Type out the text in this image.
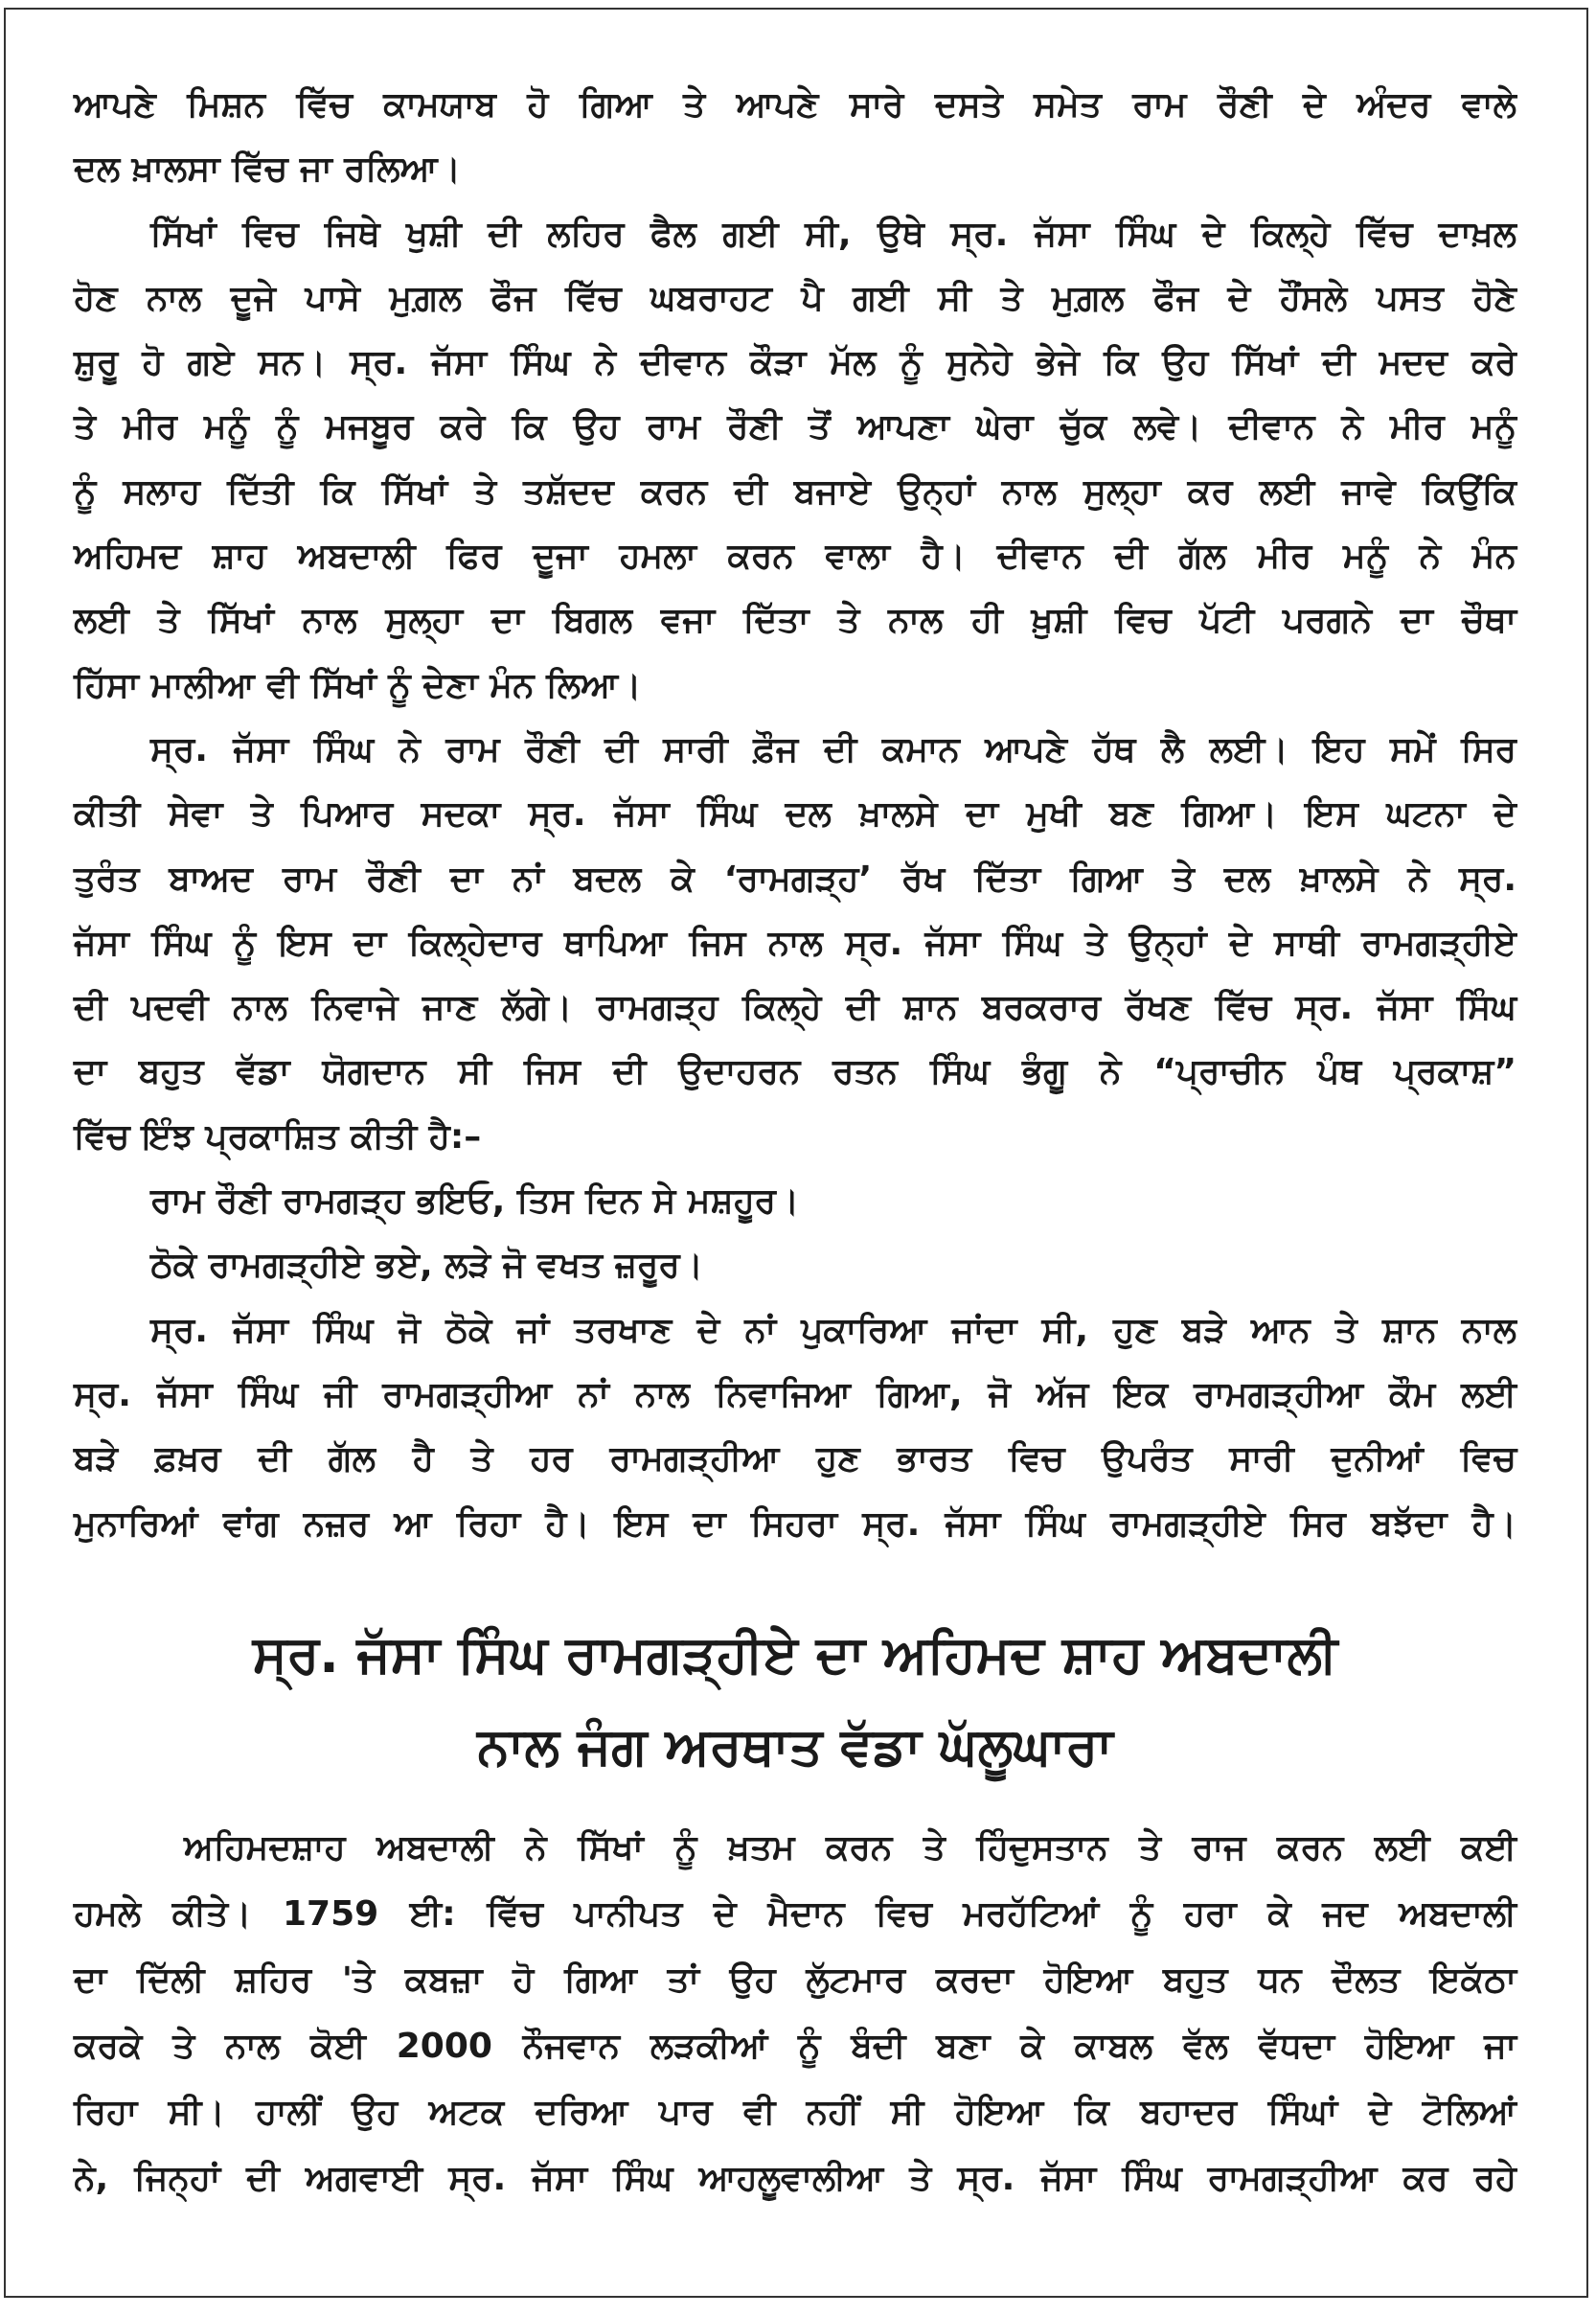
ਆਪਣੇ ਮਿਸ਼ਨ ਵਿੱਚ ਕਾਮਯਾਬ ਹੋ ਗਿਆ ਤੇ ਆਪਣੇ ਸਾਰੇ ਦਸਤੇ ਸਮੇਤ ਰਾਮ ਰੌਣੀ ਦੇ ਅੰਦਰ ਵਾਲੇ
ਦਲ ਖ਼ਾਲਸਾ ਵਿੱਚ ਜਾ ਰਲਿਆ।
ਸਿੱਖਾਂ ਵਿਚ ਜਿਥੇ ਖੁਸ਼ੀ ਦੀ ਲਹਿਰ ਫੈਲ ਗਈ ਸੀ, ਉਥੇ ਸ੍ਰ. ਜੱਸਾ ਸਿੰਘ ਦੇ ਕਿਲ੍ਹੇ ਵਿੱਚ ਦਾਖ਼ਲ
ਹੋਣ ਨਾਲ ਦੂਜੇ ਪਾਸੇ ਮੁਗ਼ਲ ਫੌਜ ਵਿੱਚ ਘਬਰਾਹਟ ਪੈ ਗਈ ਸੀ ਤੇ ਮੁਗ਼ਲ ਫੌਜ ਦੇ ਹੌਂਸਲੇ ਪਸਤ ਹੋਣੇ
ਸ਼ੁਰੂ ਹੋ ਗਏ ਸਨ। ਸ੍ਰ. ਜੱਸਾ ਸਿੰਘ ਨੇ ਦੀਵਾਨ ਕੌੜਾ ਮੱਲ ਨੂੰ ਸੁਨੇਹੇ ਭੇਜੇ ਕਿ ਉਹ ਸਿੱਖਾਂ ਦੀ ਮਦਦ ਕਰੇ
ਤੇ ਮੀਰ ਮਨੂੰ ਨੂੰ ਮਜਬੂਰ ਕਰੇ ਕਿ ਉਹ ਰਾਮ ਰੌਣੀ ਤੋਂ ਆਪਣਾ ਘੇਰਾ ਚੁੱਕ ਲਵੇ। ਦੀਵਾਨ ਨੇ ਮੀਰ ਮਨੂੰ
ਨੂੰ ਸਲਾਹ ਦਿੱਤੀ ਕਿ ਸਿੱਖਾਂ ਤੇ ਤਸ਼ੱਦਦ ਕਰਨ ਦੀ ਬਜਾਏ ਉਨ੍ਹਾਂ ਨਾਲ ਸੁਲ੍ਹਾ ਕਰ ਲਈ ਜਾਵੇ ਕਿਉਂਕਿ
ਅਹਿਮਦ ਸ਼ਾਹ ਅਬਦਾਲੀ ਫਿਰ ਦੂਜਾ ਹਮਲਾ ਕਰਨ ਵਾਲਾ ਹੈ। ਦੀਵਾਨ ਦੀ ਗੱਲ ਮੀਰ ਮਨੂੰ ਨੇ ਮੰਨ
ਲਈ ਤੇ ਸਿੱਖਾਂ ਨਾਲ ਸੁਲ੍ਹਾ ਦਾ ਬਿਗਲ ਵਜਾ ਦਿੱਤਾ ਤੇ ਨਾਲ ਹੀ ਖ਼ੁਸ਼ੀ ਵਿਚ ਪੱਟੀ ਪਰਗਨੇ ਦਾ ਚੌਥਾ
ਹਿੱਸਾ ਮਾਲੀਆ ਵੀ ਸਿੱਖਾਂ ਨੂੰ ਦੇਣਾ ਮੰਨ ਲਿਆ।
ਸ੍ਰ. ਜੱਸਾ ਸਿੰਘ ਨੇ ਰਾਮ ਰੌਣੀ ਦੀ ਸਾਰੀ ਫ਼ੌਜ ਦੀ ਕਮਾਨ ਆਪਣੇ ਹੱਥ ਲੈ ਲਈ। ਇਹ ਸਮੇਂ ਸਿਰ
ਕੀਤੀ ਸੇਵਾ ਤੇ ਪਿਆਰ ਸਦਕਾ ਸ੍ਰ. ਜੱਸਾ ਸਿੰਘ ਦਲ ਖ਼ਾਲਸੇ ਦਾ ਮੁਖੀ ਬਣ ਗਿਆ। ਇਸ ਘਟਨਾ ਦੇ
ਤੁਰੰਤ ਬਾਅਦ ਰਾਮ ਰੌਣੀ ਦਾ ਨਾਂ ਬਦਲ ਕੇ ‘ਰਾਮਗੜ੍ਹ’ ਰੱਖ ਦਿੱਤਾ ਗਿਆ ਤੇ ਦਲ ਖ਼ਾਲਸੇ ਨੇ ਸ੍ਰ.
ਜੱਸਾ ਸਿੰਘ ਨੂੰ ਇਸ ਦਾ ਕਿਲ੍ਹੇਦਾਰ ਥਾਪਿਆ ਜਿਸ ਨਾਲ ਸ੍ਰ. ਜੱਸਾ ਸਿੰਘ ਤੇ ਉਨ੍ਹਾਂ ਦੇ ਸਾਥੀ ਰਾਮਗੜ੍ਹੀਏ
ਦੀ ਪਦਵੀ ਨਾਲ ਨਿਵਾਜੇ ਜਾਣ ਲੱਗੇ। ਰਾਮਗੜ੍ਹ ਕਿਲ੍ਹੇ ਦੀ ਸ਼ਾਨ ਬਰਕਰਾਰ ਰੱਖਣ ਵਿੱਚ ਸ੍ਰ. ਜੱਸਾ ਸਿੰਘ
ਦਾ ਬਹੁਤ ਵੱਡਾ ਯੋਗਦਾਨ ਸੀ ਜਿਸ ਦੀ ਉਦਾਹਰਨ ਰਤਨ ਸਿੰਘ ਭੰਗੂ ਨੇ “ਪ੍ਰਾਚੀਨ ਪੰਥ ਪ੍ਰਕਾਸ਼”
ਵਿੱਚ ਇੰਝ ਪ੍ਰਕਾਸ਼ਿਤ ਕੀਤੀ ਹੈ:–
ਰਾਮ ਰੌਣੀ ਰਾਮਗੜ੍ਹ ਭਇਓ, ਤਿਸ ਦਿਨ ਸੇ ਮਸ਼ਹੂਰ।
ਠੋਕੇ ਰਾਮਗੜ੍ਹੀਏ ਭਏ, ਲੜੇ ਜੋ ਵਖਤ ਜ਼ਰੂਰ।
ਸ੍ਰ. ਜੱਸਾ ਸਿੰਘ ਜੋ ਠੋਕੇ ਜਾਂ ਤਰਖਾਣ ਦੇ ਨਾਂ ਪੁਕਾਰਿਆ ਜਾਂਦਾ ਸੀ, ਹੁਣ ਬੜੇ ਆਨ ਤੇ ਸ਼ਾਨ ਨਾਲ
ਸ੍ਰ. ਜੱਸਾ ਸਿੰਘ ਜੀ ਰਾਮਗੜ੍ਹੀਆ ਨਾਂ ਨਾਲ ਨਿਵਾਜਿਆ ਗਿਆ, ਜੋ ਅੱਜ ਇਕ ਰਾਮਗੜ੍ਹੀਆ ਕੌਮ ਲਈ
ਬੜੇ ਫ਼ਖ਼ਰ ਦੀ ਗੱਲ ਹੈ ਤੇ ਹਰ ਰਾਮਗੜ੍ਹੀਆ ਹੁਣ ਭਾਰਤ ਵਿਚ ਉਪਰੰਤ ਸਾਰੀ ਦੁਨੀਆਂ ਵਿਚ
ਮੁਨਾਰਿਆਂ ਵਾਂਗ ਨਜ਼ਰ ਆ ਰਿਹਾ ਹੈ। ਇਸ ਦਾ ਸਿਹਰਾ ਸ੍ਰ. ਜੱਸਾ ਸਿੰਘ ਰਾਮਗੜ੍ਹੀਏ ਸਿਰ ਬਝੱਦਾ ਹੈ।
ਸ੍ਰ. ਜੱਸਾ ਸਿੰਘ ਰਾਮਗੜ੍ਹੀਏ ਦਾ ਅਹਿਮਦ ਸ਼ਾਹ ਅਬਦਾਲੀ
ਨਾਲ ਜੰਗ ਅਰਥਾਤ ਵੱਡਾ ਘੱਲੂਘਾਰਾ
ਅਹਿਮਦਸ਼ਾਹ ਅਬਦਾਲੀ ਨੇ ਸਿੱਖਾਂ ਨੂੰ ਖ਼ਤਮ ਕਰਨ ਤੇ ਹਿੰਦੁਸਤਾਨ ਤੇ ਰਾਜ ਕਰਨ ਲਈ ਕਈ
ਹਮਲੇ ਕੀਤੇ। 1759 ਈ: ਵਿੱਚ ਪਾਨੀਪਤ ਦੇ ਮੈਦਾਨ ਵਿਚ ਮਰਹੱਟਿਆਂ ਨੂੰ ਹਰਾ ਕੇ ਜਦ ਅਬਦਾਲੀ
ਦਾ ਦਿੱਲੀ ਸ਼ਹਿਰ 'ਤੇ ਕਬਜ਼ਾ ਹੋ ਗਿਆ ਤਾਂ ਉਹ ਲੁੱਟਮਾਰ ਕਰਦਾ ਹੋਇਆ ਬਹੁਤ ਧਨ ਦੌਲਤ ਇਕੱਠਾ
ਕਰਕੇ ਤੇ ਨਾਲ ਕੋਈ 2000 ਨੌਜਵਾਨ ਲੜਕੀਆਂ ਨੂੰ ਬੰਦੀ ਬਣਾ ਕੇ ਕਾਬਲ ਵੱਲ ਵੱਧਦਾ ਹੋਇਆ ਜਾ
ਰਿਹਾ ਸੀ। ਹਾਲੀਂ ਉਹ ਅਟਕ ਦਰਿਆ ਪਾਰ ਵੀ ਨਹੀਂ ਸੀ ਹੋਇਆ ਕਿ ਬਹਾਦਰ ਸਿੰਘਾਂ ਦੇ ਟੋਲਿਆਂ
ਨੇ, ਜਿਨ੍ਹਾਂ ਦੀ ਅਗਵਾਈ ਸ੍ਰ. ਜੱਸਾ ਸਿੰਘ ਆਹਲੂਵਾਲੀਆ ਤੇ ਸ੍ਰ. ਜੱਸਾ ਸਿੰਘ ਰਾਮਗੜ੍ਹੀਆ ਕਰ ਰਹੇ
